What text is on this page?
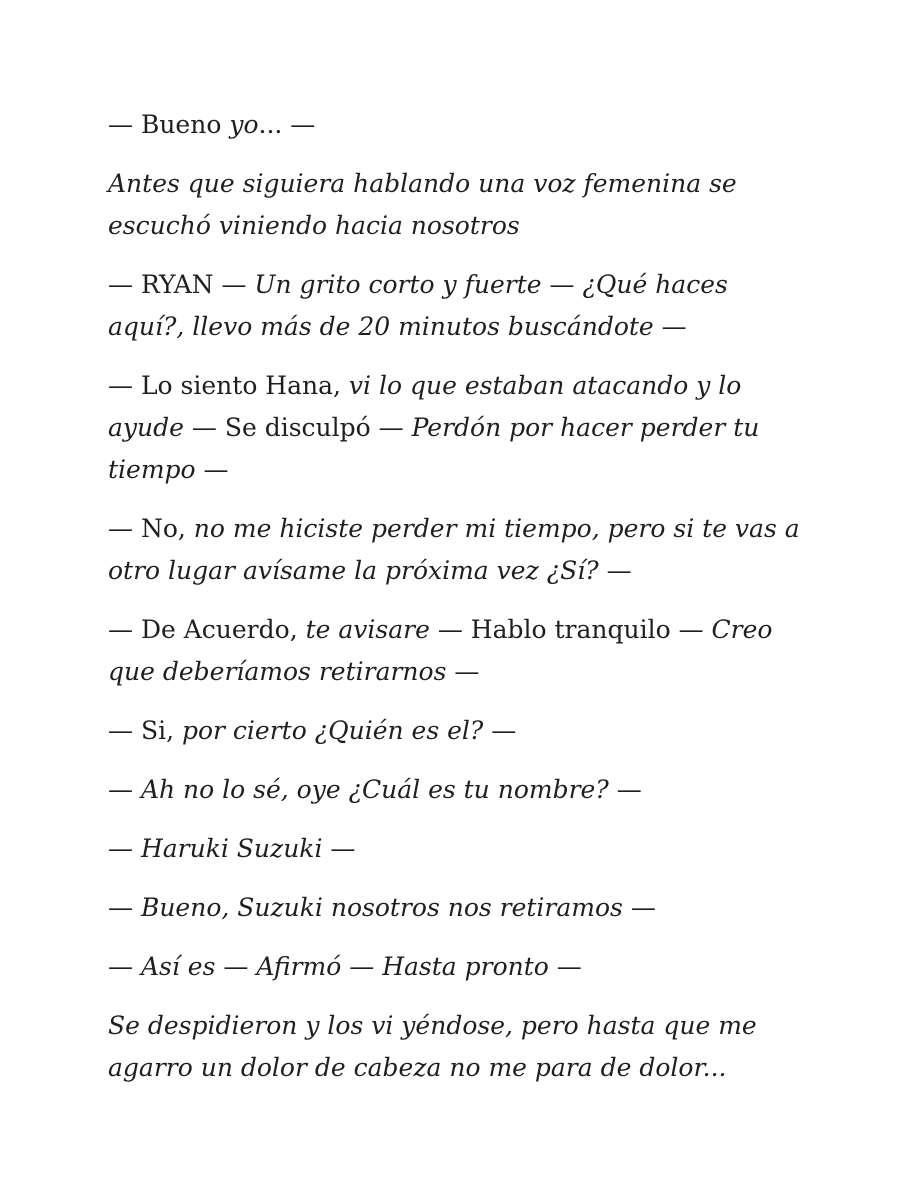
— Bueno yo... —

Antes que siguiera hablando una voz femenina se escuchó viniendo hacia nosotros

— RYAN — Un grito corto y fuerte — ¿Qué haces aquí?, llevo más de 20 minutos buscándote —

— Lo siento Hana, vi lo que estaban atacando y lo ayude — Se disculpó — Perdón por hacer perder tu tiempo —

— No, no me hiciste perder mi tiempo, pero si te vas a otro lugar avísame la próxima vez ¿Sí? —

— De Acuerdo, te avisare — Hablo tranquilo — Creo que deberíamos retirarnos —

— Si, por cierto ¿Quién es el? —

— Ah no lo sé, oye ¿Cuál es tu nombre? —

— Haruki Suzuki —

— Bueno, Suzuki nosotros nos retiramos —

— Así es — Afirmó — Hasta pronto —

Se despidieron y los vi yéndose, pero hasta que me agarro un dolor de cabeza no me para de dolor...
